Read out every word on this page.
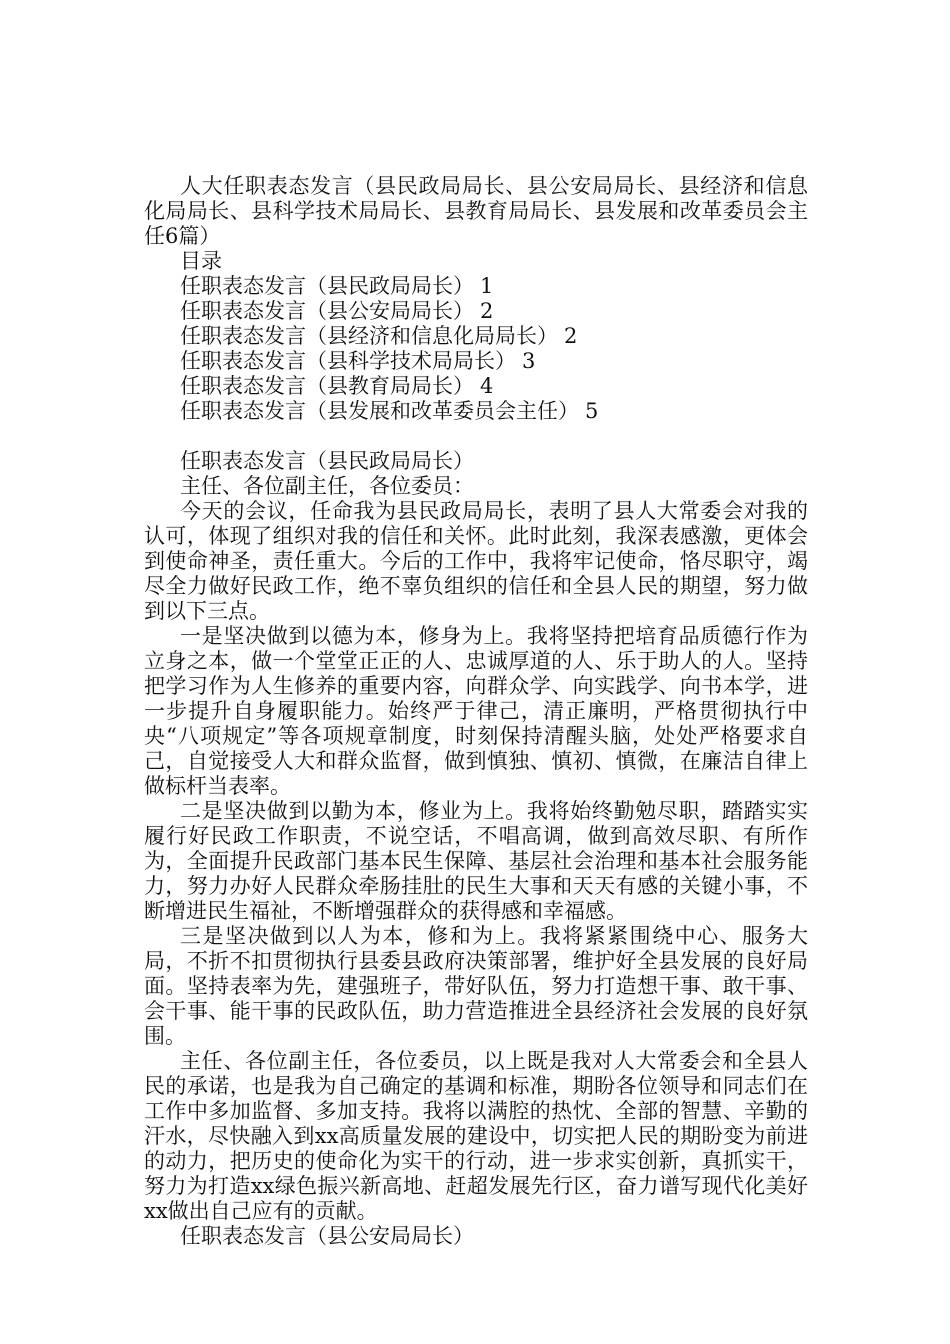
人大任职表态发言（县民政局局长、县公安局局长、县经济和信息化局局长、县科学技术局局长、县教育局局长、县发展和改革委员会主任6篇）

目录

任职表态发言（县民政局局长） 1

任职表态发言（县公安局局长） 2

任职表态发言（县经济和信息化局局长） 2

任职表态发言（县科学技术局局长） 3

任职表态发言（县教育局局长） 4

任职表态发言（县发展和改革委员会主任） 5

任职表态发言（县民政局局长）

主任、各位副主任，各位委员：

今天的会议，任命我为县民政局局长，表明了县人大常委会对我的认可，体现了组织对我的信任和关怀。此时此刻，我深表感激，更体会到使命神圣，责任重大。今后的工作中，我将牢记使命，恪尽职守，竭尽全力做好民政工作，绝不辜负组织的信任和全县人民的期望，努力做到以下三点。

一是坚决做到以德为本，修身为上。我将坚持把培育品质德行作为立身之本，做一个堂堂正正的人、忠诚厚道的人、乐于助人的人。坚持把学习作为人生修养的重要内容，向群众学、向实践学、向书本学，进一步提升自身履职能力。始终严于律己，清正廉明，严格贯彻执行中央“八项规定”等各项规章制度，时刻保持清醒头脑，处处严格要求自己，自觉接受人大和群众监督，做到慎独、慎初、慎微，在廉洁自律上做标杆当表率。

二是坚决做到以勤为本，修业为上。我将始终勤勉尽职，踏踏实实履行好民政工作职责，不说空话，不唱高调，做到高效尽职、有所作为，全面提升民政部门基本民生保障、基层社会治理和基本社会服务能力，努力办好人民群众牵肠挂肚的民生大事和天天有感的关键小事，不断增进民生福祉，不断增强群众的获得感和幸福感。

三是坚决做到以人为本，修和为上。我将紧紧围绕中心、服务大局，不折不扣贯彻执行县委县政府决策部署，维护好全县发展的良好局面。坚持表率为先，建强班子，带好队伍，努力打造想干事、敢干事、会干事、能干事的民政队伍，助力营造推进全县经济社会发展的良好氛围。

主任、各位副主任，各位委员，以上既是我对人大常委会和全县人民的承诺，也是我为自己确定的基调和标准，期盼各位领导和同志们在工作中多加监督、多加支持。我将以满腔的热忱、全部的智慧、辛勤的汗水，尽快融入到xx高质量发展的建设中，切实把人民的期盼变为前进的动力，把历史的使命化为实干的行动，进一步求实创新，真抓实干，努力为打造xx绿色振兴新高地、赶超发展先行区，奋力谱写现代化美好xx做出自己应有的贡献。

任职表态发言（县公安局局长）
